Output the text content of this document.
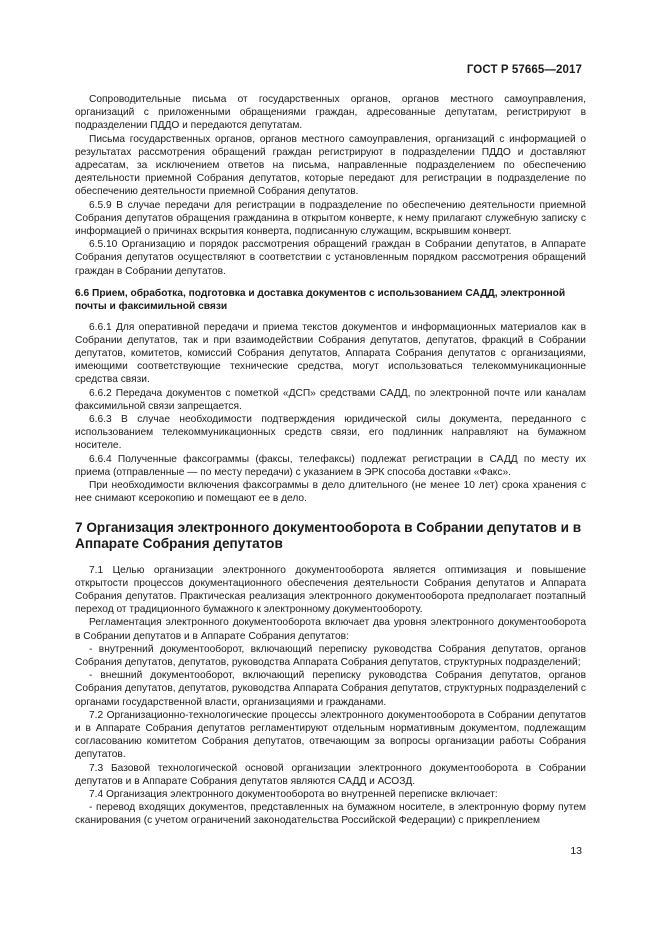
ГОСТ Р 57665—2017

Сопроводительные письма от государственных органов, органов местного самоуправления, организаций с приложенными обращениями граждан, адресованные депутатам, регистрируют в подразделении ПДДО и передаются депутатам.

Письма государственных органов, органов местного самоуправления, организаций с информацией о результатах рассмотрения обращений граждан регистрируют в подразделении ПДДО и доставляют адресатам, за исключением ответов на письма, направленные подразделением по обеспечению деятельности приемной Собрания депутатов, которые передают для регистрации в подразделение по обеспечению деятельности приемной Собрания депутатов.

6.5.9 В случае передачи для регистрации в подразделение по обеспечению деятельности приемной Собрания депутатов обращения гражданина в открытом конверте, к нему прилагают служебную записку с информацией о причинах вскрытия конверта, подписанную служащим, вскрывшим конверт.

6.5.10 Организацию и порядок рассмотрения обращений граждан в Собрании депутатов, в Аппарате Собрания депутатов осуществляют в соответствии с установленным порядком рассмотрения обращений граждан в Собрании депутатов.

6.6 Прием, обработка, подготовка и доставка документов с использованием САДД, электронной почты и факсимильной связи

6.6.1 Для оперативной передачи и приема текстов документов и информационных материалов как в Собрании депутатов, так и при взаимодействии Собрания депутатов, депутатов, фракций в Собрании депутатов, комитетов, комиссий Собрания депутатов, Аппарата Собрания депутатов с организациями, имеющими соответствующие технические средства, могут использоваться телекоммуникационные средства связи.

6.6.2 Передача документов с пометкой «ДСП» средствами САДД, по электронной почте или каналам факсимильной связи запрещается.

6.6.3 В случае необходимости подтверждения юридической силы документа, переданного с использованием телекоммуникационных средств связи, его подлинник направляют на бумажном носителе.

6.6.4 Полученные факсограммы (факсы, телефаксы) подлежат регистрации в САДД по месту их приема (отправленные — по месту передачи) с указанием в ЭРК способа доставки «Факс».

При необходимости включения факсограммы в дело длительного (не менее 10 лет) срока хранения с нее снимают ксерокопию и помещают ее в дело.

7 Организация электронного документооборота в Собрании депутатов и в Аппарате Собрания депутатов

7.1 Целью организации электронного документооборота является оптимизация и повышение открытости процессов документационного обеспечения деятельности Собрания депутатов и Аппарата Собрания депутатов. Практическая реализация электронного документооборота предполагает поэтапный переход от традиционного бумажного к электронному документообороту.

Регламентация электронного документооборота включает два уровня электронного документооборота в Собрании депутатов и в Аппарате Собрания депутатов:

- внутренний документооборот, включающий переписку руководства Собрания депутатов, органов Собрания депутатов, депутатов, руководства Аппарата Собрания депутатов, структурных подразделений;

- внешний документооборот, включающий переписку руководства Собрания депутатов, органов Собрания депутатов, депутатов, руководства Аппарата Собрания депутатов, структурных подразделений с органами государственной власти, организациями и гражданами.

7.2 Организационно-технологические процессы электронного документооборота в Собрании депутатов и в Аппарате Собрания депутатов регламентируют отдельным нормативным документом, подлежащим согласованию комитетом Собрания депутатов, отвечающим за вопросы организации работы Собрания депутатов.

7.3 Базовой технологической основой организации электронного документооборота в Собрании депутатов и в Аппарате Собрания депутатов являются САДД и АСОЗД.

7.4 Организация электронного документооборота во внутренней переписке включает:

- перевод входящих документов, представленных на бумажном носителе, в электронную форму путем сканирования (с учетом ограничений законодательства Российской Федерации) с прикреплением

13
